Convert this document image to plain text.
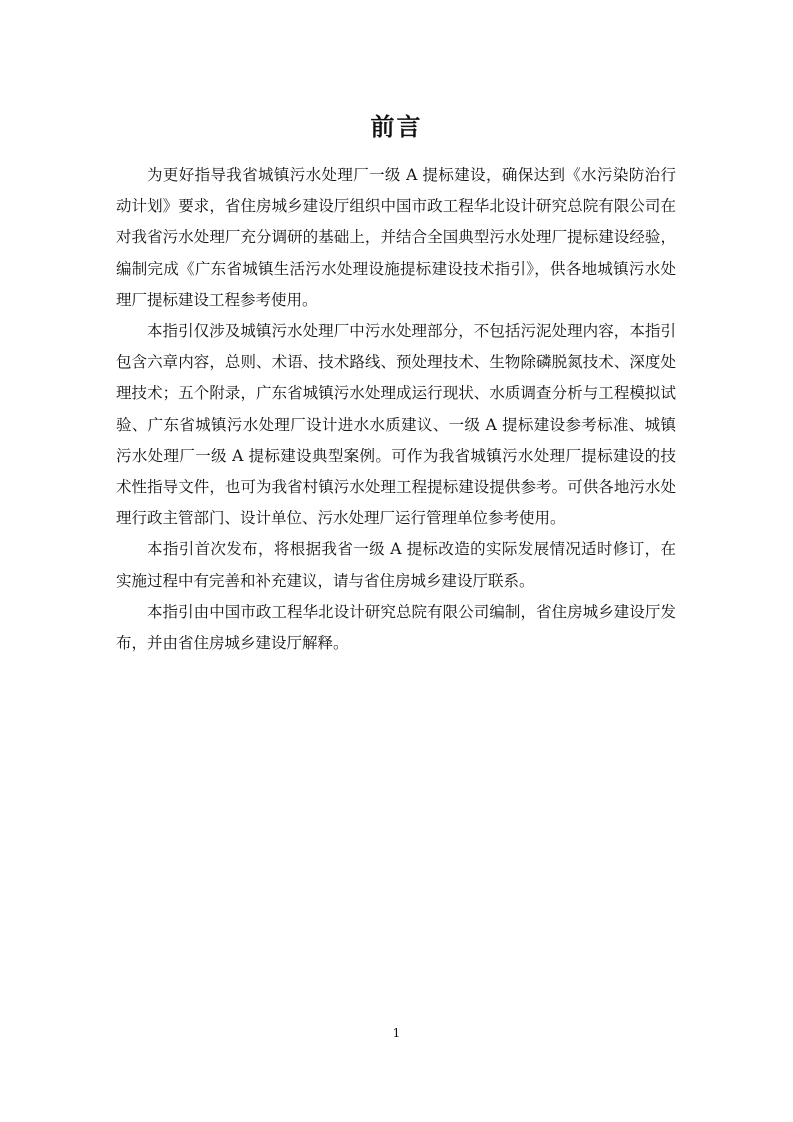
前言

为更好指导我省城镇污水处理厂一级 A 提标建设，确保达到《水污染防治行动计划》要求，省住房城乡建设厅组织中国市政工程华北设计研究总院有限公司在对我省污水处理厂充分调研的基础上，并结合全国典型污水处理厂提标建设经验，编制完成《广东省城镇生活污水处理设施提标建设技术指引》，供各地城镇污水处理厂提标建设工程参考使用。

本指引仅涉及城镇污水处理厂中污水处理部分，不包括污泥处理内容，本指引包含六章内容，总则、术语、技术路线、预处理技术、生物除磷脱氮技术、深度处理技术；五个附录，广东省城镇污水处理成运行现状、水质调查分析与工程模拟试验、广东省城镇污水处理厂设计进水水质建议、一级 A 提标建设参考标准、城镇污水处理厂一级 A 提标建设典型案例。可作为我省城镇污水处理厂提标建设的技术性指导文件，也可为我省村镇污水处理工程提标建设提供参考。可供各地污水处理行政主管部门、设计单位、污水处理厂运行管理单位参考使用。

本指引首次发布，将根据我省一级 A 提标改造的实际发展情况适时修订，在实施过程中有完善和补充建议，请与省住房城乡建设厅联系。

本指引由中国市政工程华北设计研究总院有限公司编制，省住房城乡建设厅发布，并由省住房城乡建设厅解释。

1
